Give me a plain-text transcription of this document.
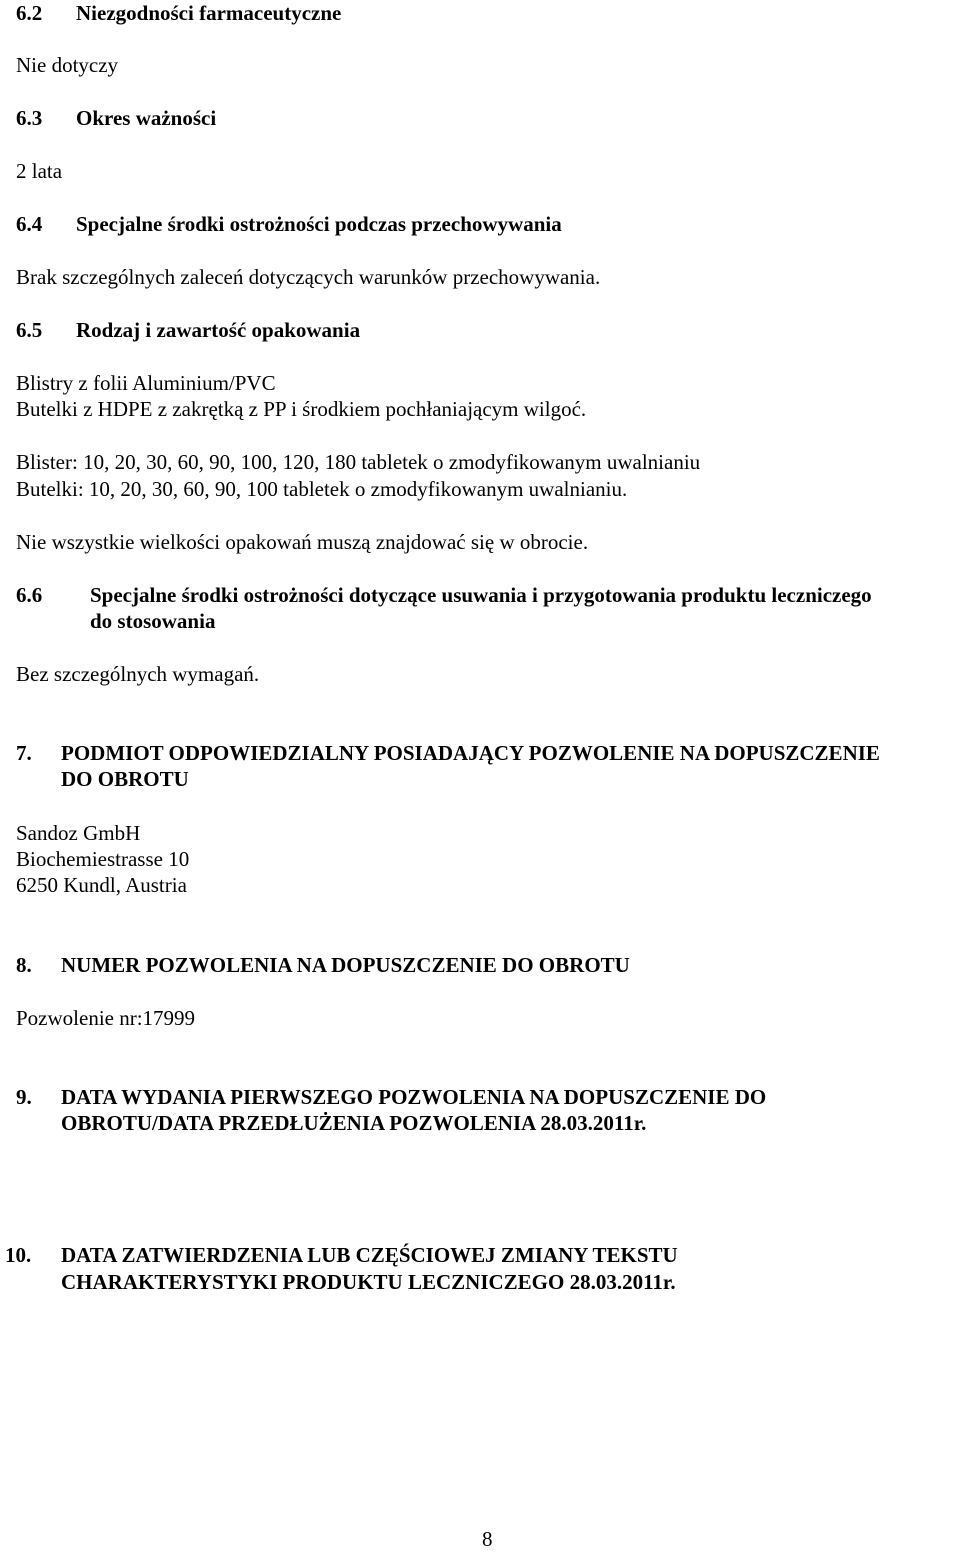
6.2 Niezgodności farmaceutyczne
Nie dotyczy
6.3 Okres ważności
2 lata
6.4 Specjalne środki ostrożności podczas przechowywania
Brak szczególnych zaleceń dotyczących warunków przechowywania.
6.5 Rodzaj i zawartość opakowania
Blistry z folii Aluminium/PVC
Butelki z HDPE z zakrętką z PP i środkiem pochłaniającym wilgoć.
Blister: 10, 20, 30, 60, 90, 100, 120, 180 tabletek o zmodyfikowanym uwalnianiu
Butelki: 10, 20, 30, 60, 90, 100 tabletek o zmodyfikowanym uwalnianiu.
Nie wszystkie wielkości opakowań muszą znajdować się w obrocie.
6.6 Specjalne środki ostrożności dotyczące usuwania i przygotowania produktu leczniczego
do stosowania
Bez szczególnych wymagań.
7. PODMIOT ODPOWIEDZIALNY POSIADAJĄCY POZWOLENIE NA DOPUSZCZENIE
DO OBROTU
Sandoz GmbH
Biochemiestrasse 10
6250 Kundl, Austria
8. NUMER POZWOLENIA NA DOPUSZCZENIE DO OBROTU
Pozwolenie nr:17999
9. DATA WYDANIA PIERWSZEGO POZWOLENIA NA DOPUSZCZENIE DO
OBROTU/DATA PRZEDŁUŻENIA POZWOLENIA 28.03.2011r.
10. DATA ZATWIERDZENIA LUB CZĘŚCIOWEJ ZMIANY TEKSTU
CHARAKTERYSTYKI PRODUKTU LECZNICZEGO 28.03.2011r.
8
